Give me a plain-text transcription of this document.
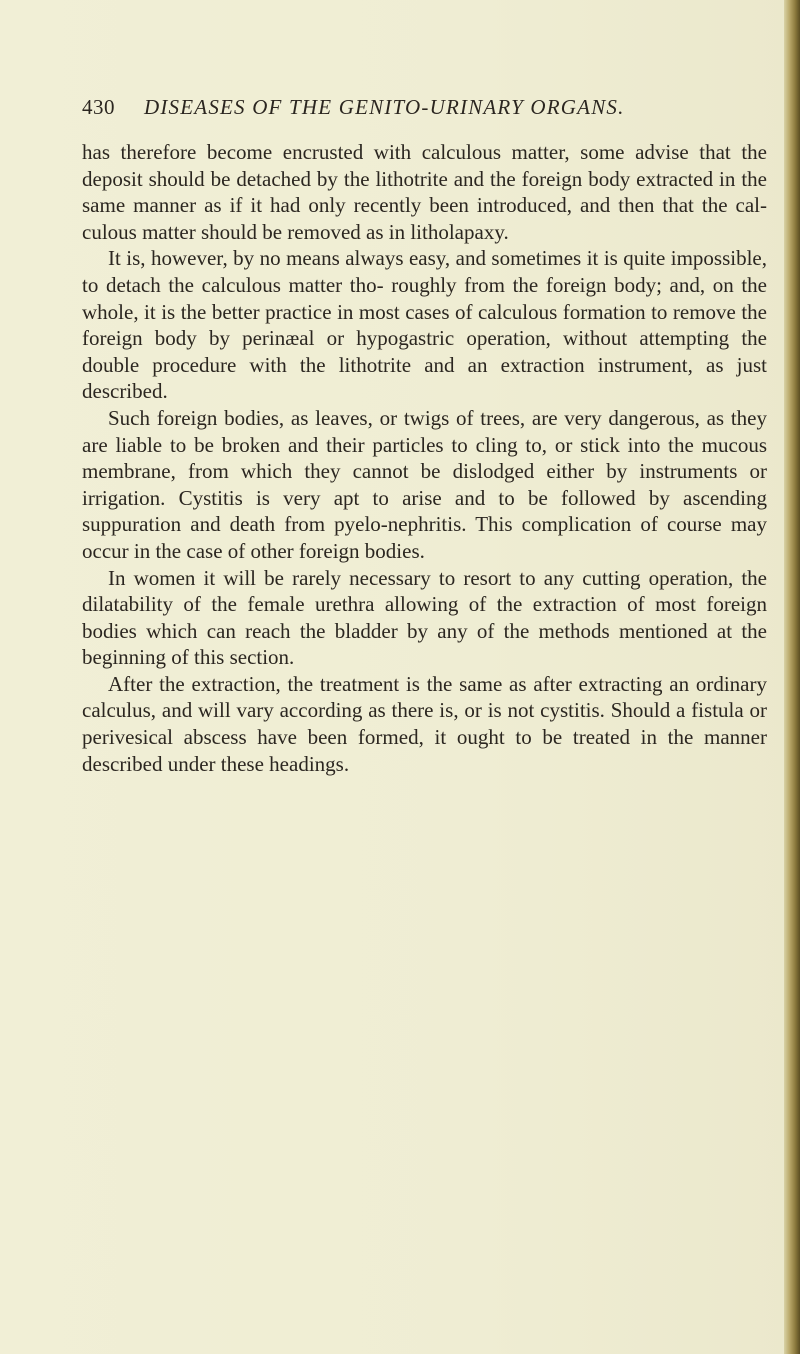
430 DISEASES OF THE GENITO-URINARY ORGANS.

has therefore become encrusted with calculous matter, some advise that the deposit should be detached by the lithotrite and the foreign body extracted in the same manner as if it had only recently been introduced, and then that the cal- culous matter should be removed as in litholapaxy.

It is, however, by no means always easy, and sometimes it is quite impossible, to detach the calculous matter tho- roughly from the foreign body; and, on the whole, it is the better practice in most cases of calculous formation to remove the foreign body by perinæal or hypogastric operation, without attempting the double procedure with the lithotrite and an extraction instrument, as just described.

Such foreign bodies, as leaves, or twigs of trees, are very dangerous, as they are liable to be broken and their particles to cling to, or stick into the mucous membrane, from which they cannot be dislodged either by instruments or irrigation. Cystitis is very apt to arise and to be followed by ascending suppuration and death from pyelo-nephritis. This complication of course may occur in the case of other foreign bodies.

In women it will be rarely necessary to resort to any cutting operation, the dilatability of the female urethra allowing of the extraction of most foreign bodies which can reach the bladder by any of the methods mentioned at the beginning of this section.

After the extraction, the treatment is the same as after extracting an ordinary calculus, and will vary according as there is, or is not cystitis. Should a fistula or perivesical abscess have been formed, it ought to be treated in the manner described under these headings.
